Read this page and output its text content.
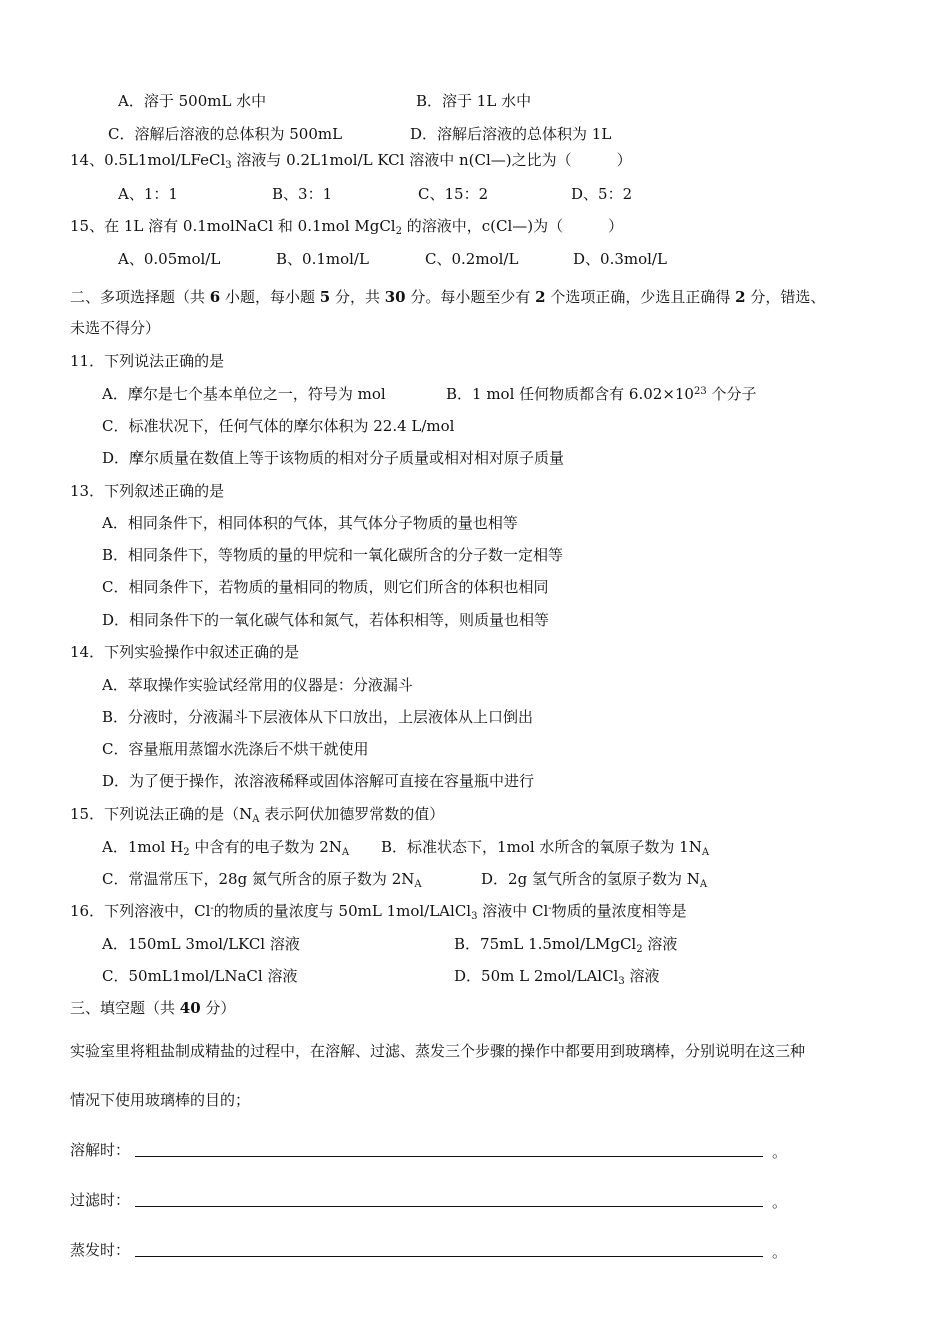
A．溶于 500mL 水中	B．溶于 1L 水中
C．溶解后溶液的总体积为 500mL	D．溶解后溶液的总体积为 1L
14、0.5L1mol/LFeCl$_3$ 溶液与 0.2L1mol/L KCl 溶液中 n(Cl—)之比为（　　　）
A、1：1	B、3：1	C、15：2	D、5：2
15、在 1L 溶有 0.1molNaCl 和 0.1mol MgCl$_2$ 的溶液中，c(Cl—)为（　　　）
A、0.05mol/L	B、0.1mol/L	C、0.2mol/L	D、0.3mol/L
二、多项选择题（共 6 小题，每小题 5 分，共 30 分。每小题至少有 2 个选项正确，少选且正确得 2 分，错选、
未选不得分）
11．下列说法正确的是
A．摩尔是七个基本单位之一，符号为 mol	B．1 mol 任何物质都含有 $6.02\times 10^{23}$ 个分子
C．标准状况下，任何气体的摩尔体积为 22.4 L/mol
D．摩尔质量在数值上等于该物质的相对分子质量或相对相对原子质量
13．下列叙述正确的是
A．相同条件下，相同体积的气体，其气体分子物质的量也相等
B．相同条件下，等物质的量的甲烷和一氧化碳所含的分子数一定相等
C．相同条件下，若物质的量相同的物质，则它们所含的体积也相同
D．相同条件下的一氧化碳气体和氮气，若体积相等，则质量也相等
14．下列实验操作中叙述正确的是
A．萃取操作实验试经常用的仪器是：分液漏斗
B．分液时，分液漏斗下层液体从下口放出，上层液体从上口倒出
C．容量瓶用蒸馏水洗涤后不烘干就使用
D．为了便于操作，浓溶液稀释或固体溶解可直接在容量瓶中进行
15．下列说法正确的是（$N_A$ 表示阿伏加德罗常数的值）
A．1mol $H_2$ 中含有的电子数为 $2N_A$ B．标准状态下，1mol 水所含的氧原子数为 $1N_A$
C．常温常压下，28g 氮气所含的原子数为 $2N_A$	D．2g 氢气所含的氢原子数为 $N_A$
16．下列溶液中，Cl-的物质的量浓度与 50mL 1mol/LAlCl$_3$ 溶液中 Cl-物质的量浓度相等是
A．150mL 3mol/LKCl 溶液	B．75mL 1.5mol/LMgCl$_2$ 溶液
C．50mL1mol/LNaCl 溶液	D．50m L 2mol/LAlCl$_3$ 溶液
三、填空题（共 40 分）
实验室里将粗盐制成精盐的过程中，在溶解、过滤、蒸发三个步骤的操作中都要用到玻璃棒，分别说明在这三种
情况下使用玻璃棒的目的；
溶解时：	。
过滤时：	。
蒸发时：	。
